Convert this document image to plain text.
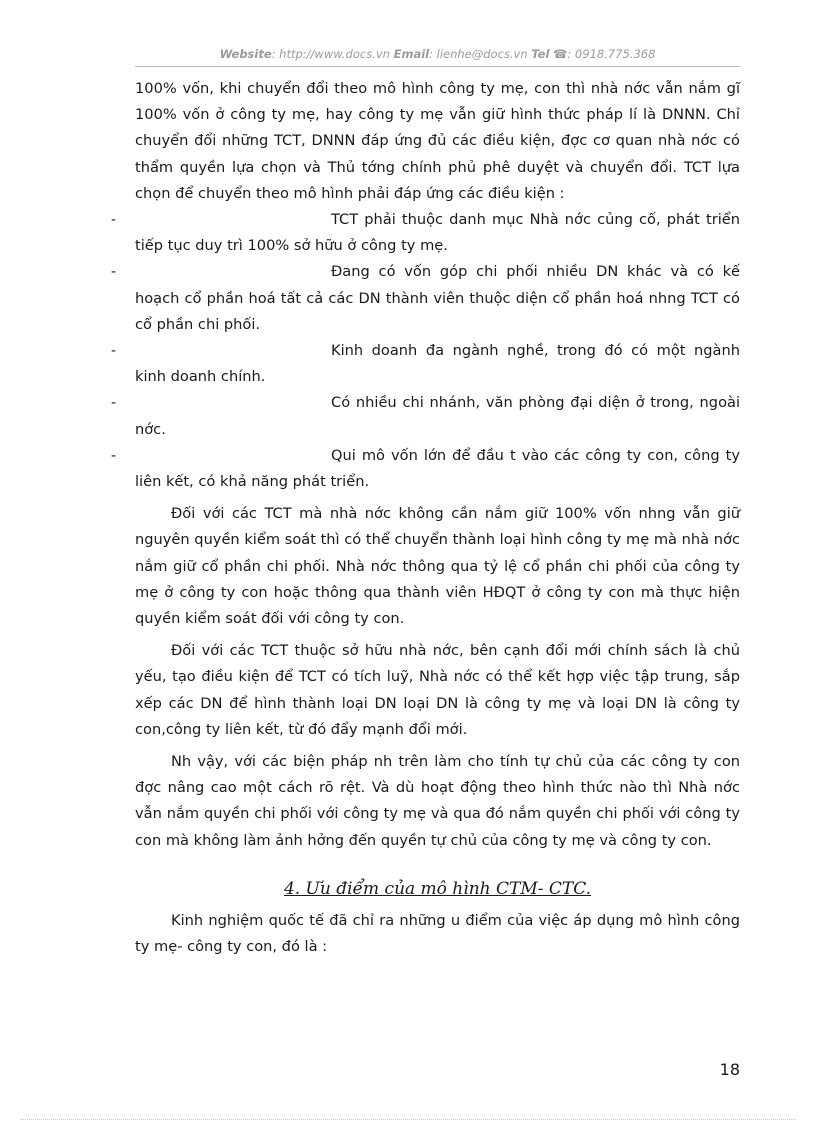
Website: http://www.docs.vn Email: lienhe@docs.vn Tel ☎: 0918.775.368

100% vốn, khi chuyển đổi theo mô hình công ty mẹ, con thì nhà nớc vẫn nắm gĩ 100% vốn ở công ty mẹ, hay công ty mẹ vẫn giữ hình thức pháp lí là DNNN. Chỉ chuyển đổi những TCT, DNNN đáp ứng đủ các điều kiện, đợc cơ quan nhà nớc có thẩm quyền lựa chọn và Thủ tớng chính phủ phê duyệt và chuyển đổi. TCT lựa chọn để chuyển theo mô hình phải đáp ứng các điều kiện :

-	TCT phải thuộc danh mục Nhà nớc củng cố, phát triển tiếp tục duy trì 100% sở hữu ở công ty mẹ.

-	Đang có vốn góp chi phối nhiều DN khác và có kế hoạch cổ phần hoá tất cả các DN thành viên thuộc diện cổ phần hoá nhng TCT có cổ phần chi phối.

-	Kinh doanh đa ngành nghề, trong đó có một ngành kinh doanh chính.

-	Có nhiều chi nhánh, văn phòng đại diện ở trong, ngoài nớc.

-	Qui mô vốn lớn để đầu t vào các công ty con, công ty liên kết, có khả năng phát triển.

Đối với các TCT mà nhà nớc không cần nắm giữ 100% vốn nhng vẫn giữ nguyên quyền kiểm soát thì có thể chuyển thành loại hình công ty mẹ mà nhà nớc nắm giữ cổ phần chi phối. Nhà nớc thông qua tỷ lệ cổ phần chi phối của công ty mẹ ở công ty con hoặc thông qua thành viên HĐQT ở công ty con mà thực hiện quyền kiểm soát đối với công ty con.

Đối với các TCT thuộc sở hữu nhà nớc, bên cạnh đổi mới chính sách là chủ yếu, tạo điều kiện để TCT có tích luỹ, Nhà nớc có thể kết hợp việc tập trung, sắp xếp các DN để hình thành loại DN loại DN là công ty mẹ và loại DN là công ty con,công ty liên kết, từ đó đẩy mạnh đổi mới.

Nh vậy, với các biện pháp nh trên làm cho tính tự chủ của các công ty con đợc nâng cao một cách rõ rệt. Và dù hoạt động theo hình thức nào thì Nhà nớc vẫn nắm quyền chi phối với công ty mẹ và qua đó nắm quyền chi phối với công ty con mà không làm ảnh hởng đến quyền tự chủ của công ty mẹ và công ty con.

4. Ưu điểm của mô hình CTM- CTC.

Kinh nghiệm quốc tế đã chỉ ra những u điểm của việc áp dụng mô hình công ty mẹ- công ty con, đó là :

18
